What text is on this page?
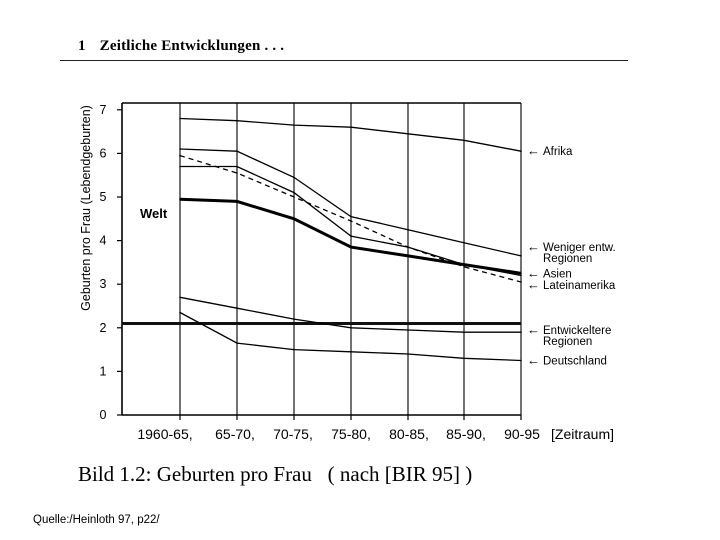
1 Zeitliche Entwicklungen . . .
0
1
2
3
4
5
6
7
1960-65, 65-70, 70-75, 75-80, 80-85, 85-90, 90-95
← Afrika
← Weniger entw.
Regionen
← Asien
← Lateinamerika
Welt
← Entwickeltere
Regionen
← Deutschland
Geburten pro Frau (Lebendgeburten)
[Zeitraum]
Bild 1.2: Geburten pro Frau   ( nach [BIR 95] )
Quelle:/Heinloth 97, p22/
